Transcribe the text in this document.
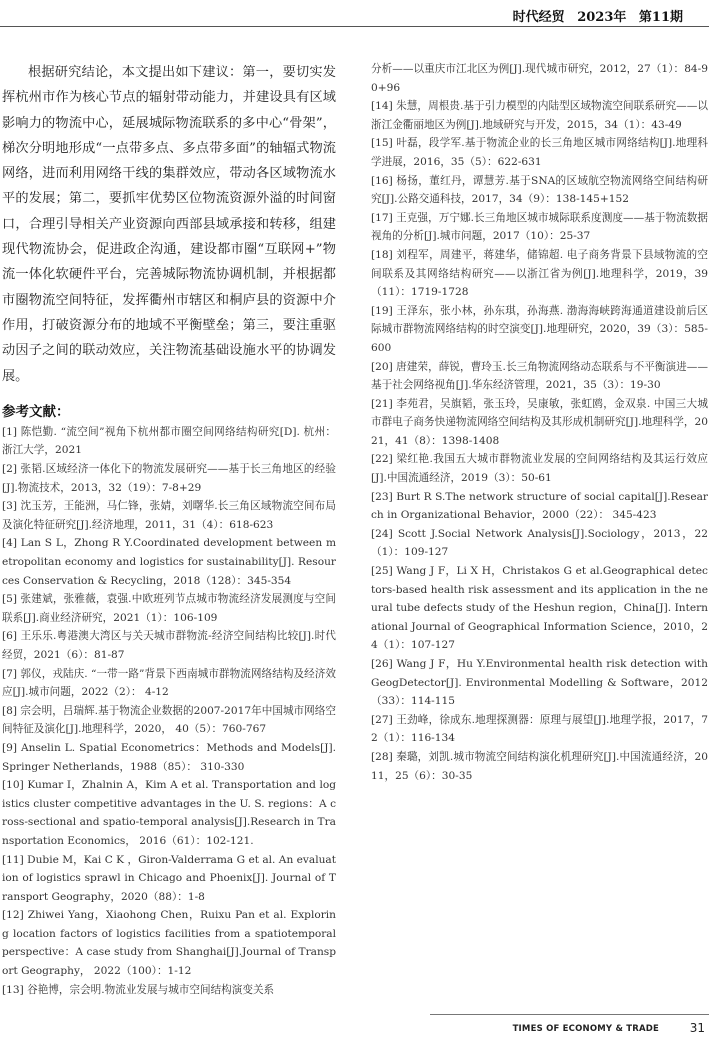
时代经贸 2023年 第11期

根据研究结论，本文提出如下建议：第一，要切实发挥杭州市作为核心节点的辐射带动能力，并建设具有区域影响力的物流中心，延展城际物流联系的多中心“骨架”，梯次分明地形成“一点带多点、多点带多面”的轴辐式物流网络，进而利用网络干线的集群效应，带动各区域物流水平的发展；第二，要抓牢优势区位物流资源外溢的时间窗口，合理引导相关产业资源向西部县域承接和转移，组建现代物流协会，促进政企沟通，建设都市圈“互联网+”物流一体化软硬件平台，完善城际物流协调机制，并根据都市圈物流空间特征，发挥衢州市辖区和桐庐县的资源中介作用，打破资源分布的地域不平衡壁垒；第三，要注重驱动因子之间的联动效应，关注物流基础设施水平的协调发展。

参考文献：

[1] 陈恺勤. “流空间”视角下杭州都市圈空间网络结构研究[D]. 杭州：浙江大学，2021

[2] 张韬.区域经济一体化下的物流发展研究——基于长三角地区的经验[J].物流技术，2013，32（19）：7-8+29

[3] 沈玉芳，王能洲，马仁锋，张婧，刘曙华.长三角区域物流空间布局及演化特征研究[J].经济地理，2011，31（4）：618-623

[4] Lan S L，Zhong R Y.Coordinated development between metropolitan economy and logistics for sustainability[J]. Resources Conservation & Recycling，2018（128）：345-354

[5] 张建斌，张雅薇，袁强.中欧班列节点城市物流经济发展测度与空间联系[J].商业经济研究，2021（1）：106-109

[6] 王乐乐.粤港澳大湾区与关天城市群物流-经济空间结构比较[J].时代经贸，2021（6）：81-87

[7] 郭仪，戎陆庆. “一带一路”背景下西南城市群物流网络结构及经济效应[J].城市问题，2022（2）： 4-12

[8] 宗会明，吕瑞辉.基于物流企业数据的2007-2017年中国城市网络空间特征及演化[J].地理科学，2020， 40（5）：760-767

[9] Anselin L. Spatial Econometrics：Methods and Models[J]. Springer Netherlands，1988（85）： 310-330

[10] Kumar I，Zhalnin A，Kim A et al. Transportation and logistics cluster competitive advantages in the U. S. regions：A cross-sectional and spatio-temporal analysis[J].Research in Transportation Economics， 2016（61）：102-121.

[11] Dubie M，Kai C K ，Giron-Valderrama G et al. An evaluation of logistics sprawl in Chicago and Phoenix[J]. Journal of Transport Geography，2020（88）：1-8

[12] Zhiwei Yang，Xiaohong Chen，Ruixu Pan et al. Exploring location factors of logistics facilities from a spatiotemporal perspective：A case study from Shanghai[J].Journal of Transport Geography， 2022（100）：1-12

[13] 谷艳博，宗会明.物流业发展与城市空间结构演变关系

分析——以重庆市江北区为例[J].现代城市研究，2012，27（1）：84-90+96

[14] 朱慧，周根贵.基于引力模型的内陆型区域物流空间联系研究——以浙江金衢丽地区为例[J].地域研究与开发，2015，34（1）：43-49

[15] 叶磊，段学军.基于物流企业的长三角地区城市网络结构[J].地理科学进展，2016，35（5）：622-631

[16] 杨扬，董红丹，谭慧芳.基于SNA的区域航空物流网络空间结构研究[J].公路交通科技，2017，34（9）：138-145+152

[17] 王克强，万宁娜.长三角地区城市城际联系度测度——基于物流数据视角的分析[J].城市问题，2017（10）：25-37

[18] 刘程军，周建平，蒋建华，储锦超. 电子商务背景下县域物流的空间联系及其网络结构研究——以浙江省为例[J].地理科学，2019，39（11）：1719-1728

[19] 王泽东，张小林，孙东琪，孙海燕. 渤海海峡跨海通道建设前后区际城市群物流网络结构的时空演变[J].地理研究，2020，39（3）：585-600

[20] 唐建荣，薛锐，曹玲玉.长三角物流网络动态联系与不平衡演进——基于社会网络视角[J].华东经济管理，2021，35（3）：19-30

[21] 李苑君，吴旗韬，张玉玲，吴康敏，张虹鸥，金双泉. 中国三大城市群电子商务快递物流网络空间结构及其形成机制研究[J].地理科学，2021，41（8）：1398-1408

[22] 梁红艳.我国五大城市群物流业发展的空间网络结构及其运行效应[J].中国流通经济，2019（3）：50-61

[23] Burt R S.The network structure of social capital[J].Research in Organizational Behavior，2000（22）： 345-423

[24] Scott J.Social Network Analysis[J].Sociology，2013，22（1）：109-127

[25] Wang J F，Li X H，Christakos G et al.Geographical detectors-based health risk assessment and its application in the neural tube defects study of the Heshun region，China[J]. International Journal of Geographical Information Science，2010，24（1）：107-127

[26] Wang J F，Hu Y.Environmental health risk detection with GeogDetector[J]. Environmental Modelling & Software，2012（33）：114-115

[27] 王劲峰，徐成东.地理探测器：原理与展望[J].地理学报，2017，72（1）：116-134

[28] 秦璐，刘凯.城市物流空间结构演化机理研究[J].中国流通经济，2011，25（6）：30-35

TIMES OF ECONOMY & TRADE	31
